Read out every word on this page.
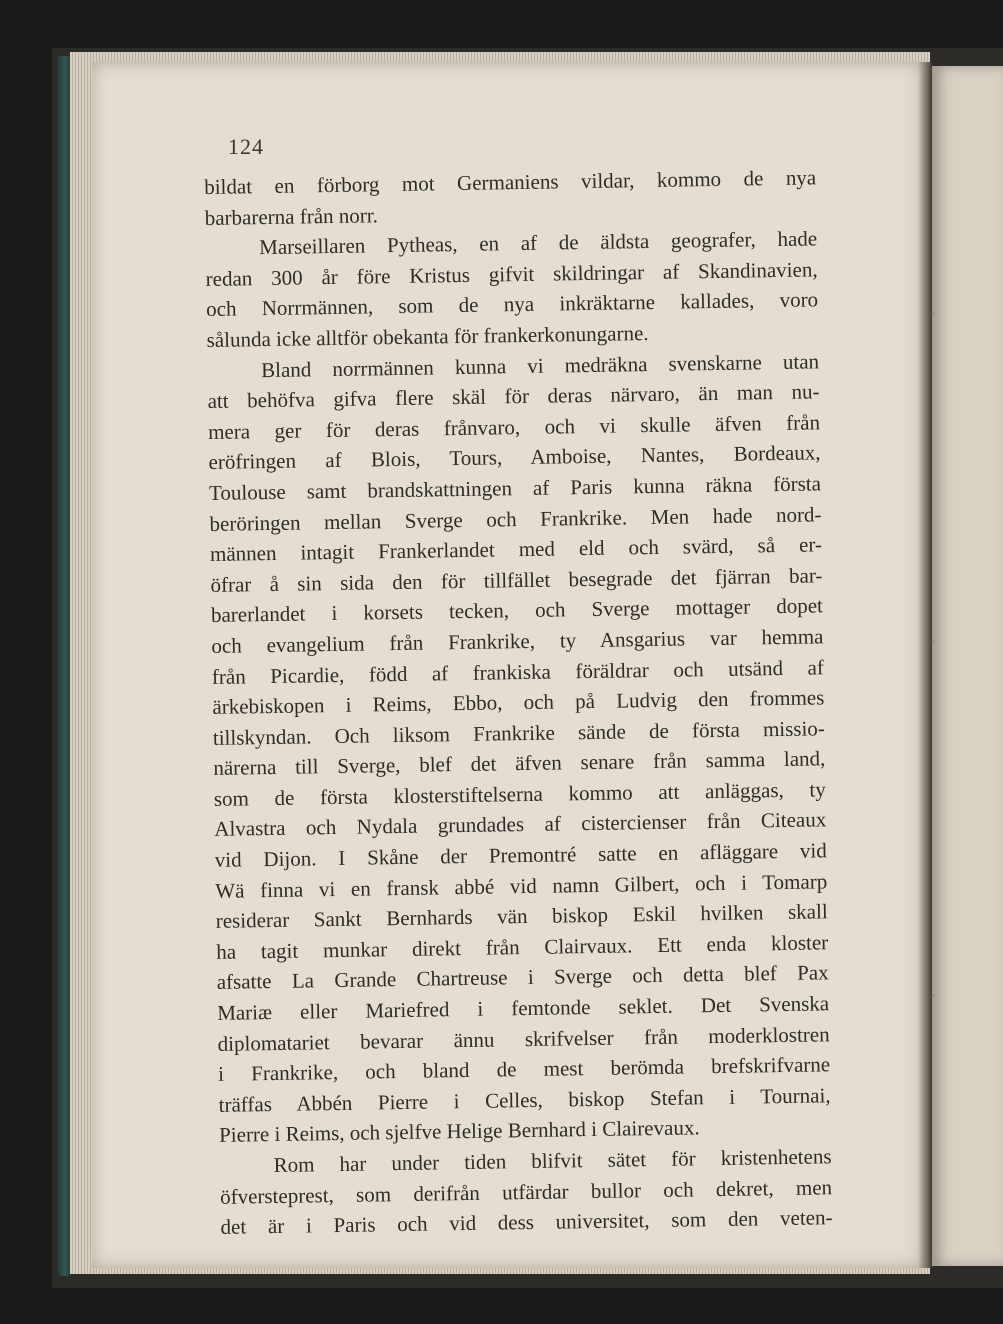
·
·
·
124
bildat en förborg mot Germaniens vildar, kommo de nya
barbarerna från norr.
Marseillaren Pytheas, en af de äldsta geografer, hade
redan 300 år före Kristus gifvit skildringar af Skandinavien,
och Norrmännen, som de nya inkräktarne kallades, voro
sålunda icke alltför obekanta för frankerkonungarne.
Bland norrmännen kunna vi medräkna svenskarne utan
att behöfva gifva flere skäl för deras närvaro, än man nu-
mera ger för deras frånvaro, och vi skulle äfven från
eröfringen af Blois, Tours, Amboise, Nantes, Bordeaux,
Toulouse samt brandskattningen af Paris kunna räkna första
beröringen mellan Sverge och Frankrike. Men hade nord-
männen intagit Frankerlandet med eld och svärd, så er-
öfrar å sin sida den för tillfället besegrade det fjärran bar-
barerlandet i korsets tecken, och Sverge mottager dopet
och evangelium från Frankrike, ty Ansgarius var hemma
från Picardie, född af frankiska föräldrar och utsänd af
ärkebiskopen i Reims, Ebbo, och på Ludvig den frommes
tillskyndan. Och liksom Frankrike sände de första missio-
närerna till Sverge, blef det äfven senare från samma land,
som de första klosterstiftelserna kommo att anläggas, ty
Alvastra och Nydala grundades af cistercienser från Citeaux
vid Dijon. I Skåne der Premontré satte en afläggare vid
Wä finna vi en fransk abbé vid namn Gilbert, och i Tomarp
residerar Sankt Bernhards vän biskop Eskil hvilken skall
ha tagit munkar direkt från Clairvaux. Ett enda kloster
afsatte La Grande Chartreuse i Sverge och detta blef Pax
Mariæ eller Mariefred i femtonde seklet. Det Svenska
diplomatariet bevarar ännu skrifvelser från moderklostren
i Frankrike, och bland de mest berömda brefskrifvarne
träffas Abbén Pierre i Celles, biskop Stefan i Tournai,
Pierre i Reims, och sjelfve Helige Bernhard i Clairevaux.
Rom har under tiden blifvit sätet för kristenhetens
öfversteprest, som derifrån utfärdar bullor och dekret, men
det är i Paris och vid dess universitet, som den veten-
